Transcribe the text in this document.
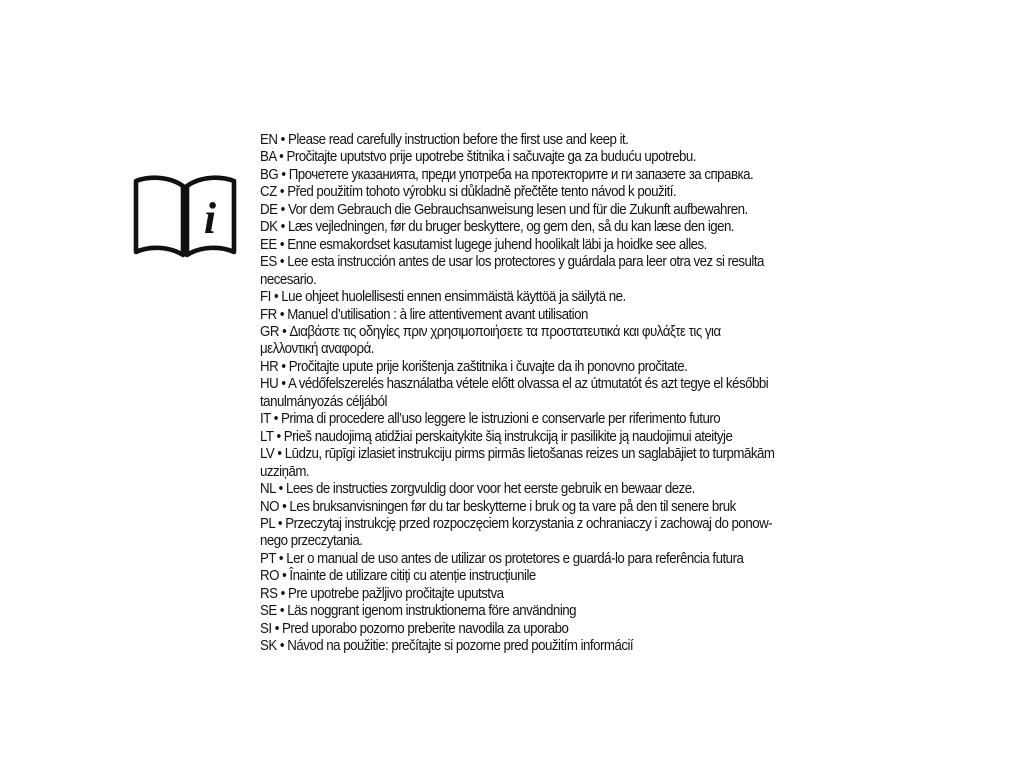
i
EN • Please read carefully instruction before the first use and keep it.
BA • Pročitajte uputstvo prije upotrebe štitnika i sačuvajte ga za buduću upotrebu.
BG • Прочетете указанията, преди употреба на протекторите и ги запазете за справка.
CZ • Před použitím tohoto výrobku si důkladně přečtěte tento návod k použití.
DE • Vor dem Gebrauch die Gebrauchsanweisung lesen und für die Zukunft aufbewahren.
DK • Læs vejledningen, før du bruger beskyttere, og gem den, så du kan læse den igen.
EE • Enne esmakordset kasutamist lugege juhend hoolikalt läbi ja hoidke see alles.
ES • Lee esta instrucción antes de usar los protectores y guárdala para leer otra vez si resulta
necesario.
FI • Lue ohjeet huolellisesti ennen ensimmäistä käyttöä ja säilytä ne.
FR • Manuel d’utilisation : à lire attentivement avant utilisation
GR • Διαβάστε τις οδηγίες πριν χρησιμοποιήσετε τα προστατευτικά και φυλάξτε τις για
μελλοντική αναφορά.
HR • Pročitajte upute prije korištenja zaštitnika i čuvajte da ih ponovno pročitate.
HU • A védőfelszerelés használatba vétele előtt olvassa el az útmutatót és azt tegye el későbbi
tanulmányozás céljából
IT • Prima di procedere all’uso leggere le istruzioni e conservarle per riferimento futuro
LT • Prieš naudojimą atidžiai perskaitykite šią instrukciją ir pasilikite ją naudojimui ateityje
LV • Lūdzu, rūpīgi izlasiet instrukciju pirms pirmās lietošanas reizes un saglabājiet to turpmākām
uzziņām.
NL • Lees de instructies zorgvuldig door voor het eerste gebruik en bewaar deze.
NO • Les bruksanvisningen før du tar beskytterne i bruk og ta vare på den til senere bruk
PL • Przeczytaj instrukcję przed rozpoczęciem korzystania z ochraniaczy i zachowaj do ponow-
nego przeczytania.
PT • Ler o manual de uso antes de utilizar os protetores e guardá-lo para referência futura
RO • Înainte de utilizare citiți cu atenție instrucțiunile
RS • Pre upotrebe pažljivo pročitajte uputstva
SE • Läs noggrant igenom instruktionerna före användning
SI • Pred uporabo pozorno preberite navodila za uporabo
SK • Návod na použitie: prečítajte si pozorne pred použitím informácií
